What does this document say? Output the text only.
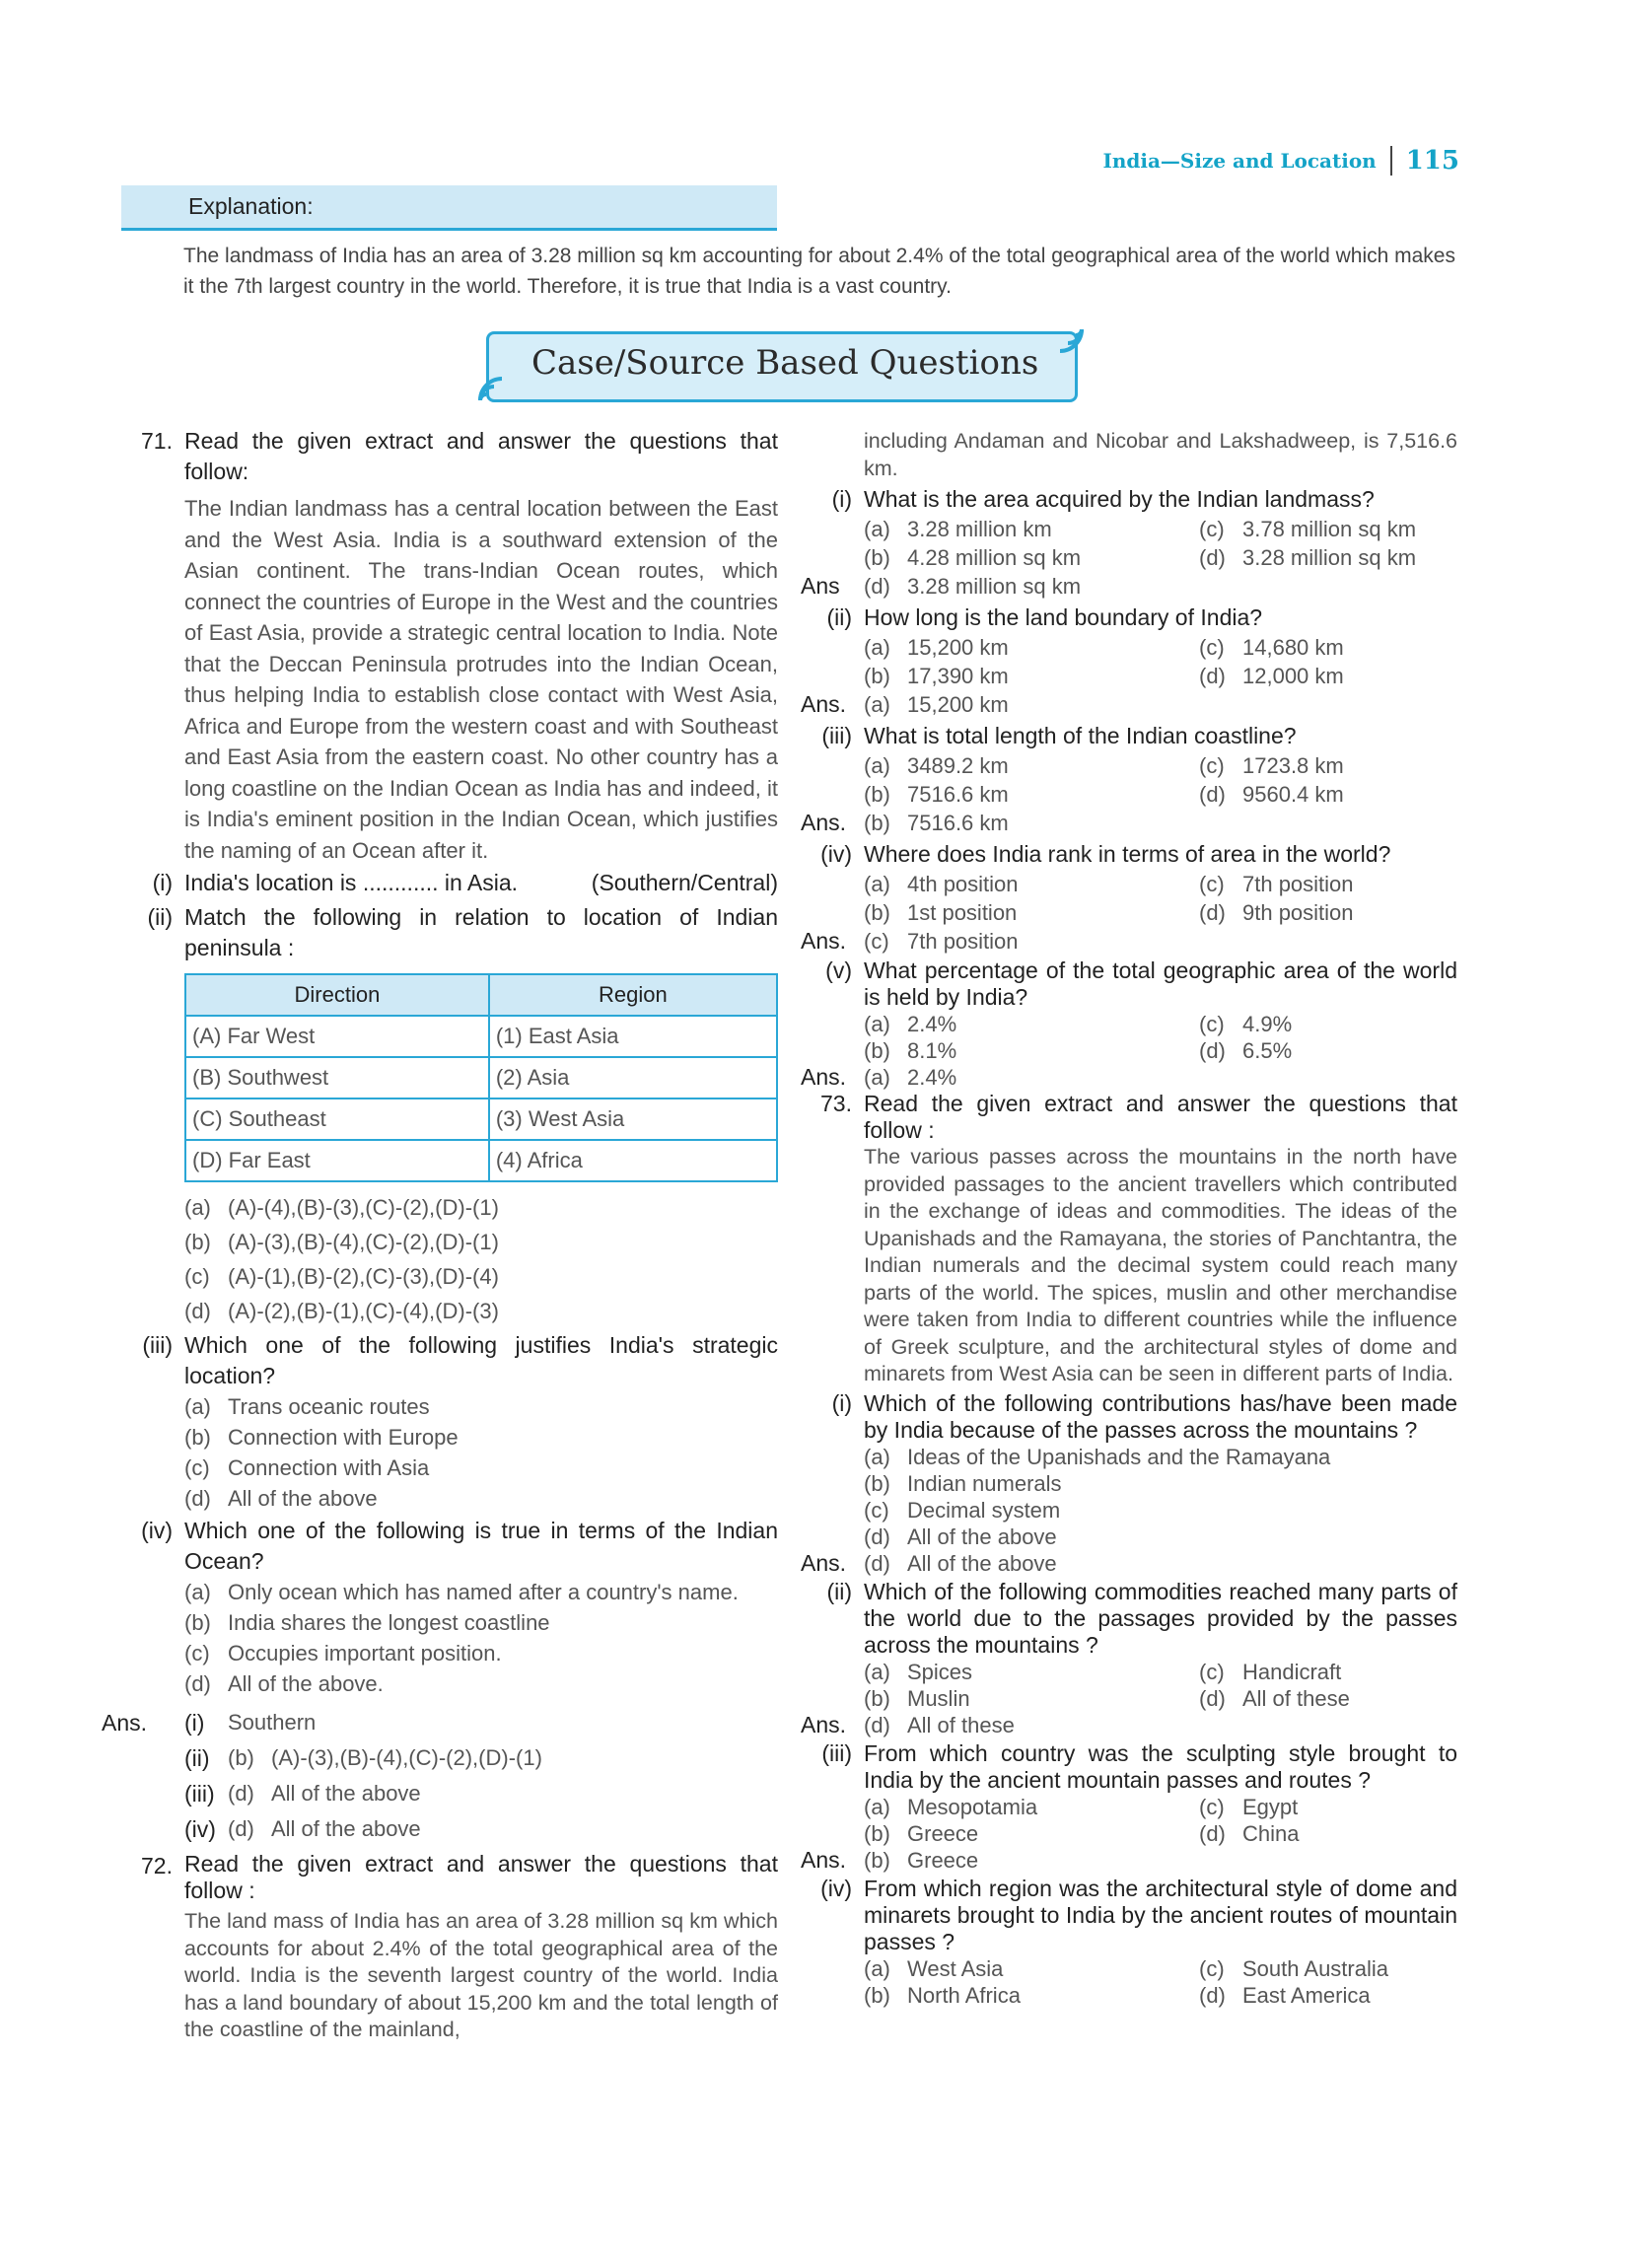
India—Size and Location 115
Explanation:
The landmass of India has an area of 3.28 million sq km accounting for about 2.4% of the total geographical area of the world which makes it the 7th largest country in the world. Therefore, it is true that India is a vast country.
Case/Source Based Questions
71. Read the given extract and answer the questions that follow:
The Indian landmass has a central location between the East and the West Asia. India is a southward extension of the Asian continent. The trans-Indian Ocean routes, which connect the countries of Europe in the West and the countries of East Asia, provide a strategic central location to India. Note that the Deccan Peninsula protrudes into the Indian Ocean, thus helping India to establish close contact with West Asia, Africa and Europe from the western coast and with Southeast and East Asia from the eastern coast. No other country has a long coastline on the Indian Ocean as India has and indeed, it is India's eminent position in the Indian Ocean, which justifies the naming of an Ocean after it.
(i) India's location is ............ in Asia.	(Southern/Central)
(ii) Match the following in relation to location of Indian peninsula :
Direction	Region
(A) Far West	(1) East Asia
(B) Southwest	(2) Asia
(C) Southeast	(3) West Asia
(D) Far East	(4) Africa
(a) (A)-(4),(B)-(3),(C)-(2),(D)-(1)
(b) (A)-(3),(B)-(4),(C)-(2),(D)-(1)
(c) (A)-(1),(B)-(2),(C)-(3),(D)-(4)
(d) (A)-(2),(B)-(1),(C)-(4),(D)-(3)
(iii) Which one of the following justifies India's strategic location?
(a) Trans oceanic routes
(b) Connection with Europe
(c) Connection with Asia
(d) All of the above
(iv) Which one of the following is true in terms of the Indian Ocean?
(a) Only ocean which has named after a country's name.
(b) India shares the longest coastline
(c) Occupies important position.
(d) All of the above.
Ans. (i)	Southern
(ii) (b) (A)-(3),(B)-(4),(C)-(2),(D)-(1)
(iii) (d) All of the above
(iv) (d) All of the above
72. Read the given extract and answer the questions that follow :
The land mass of India has an area of 3.28 million sq km which accounts for about 2.4% of the total geographical area of the world. India is the seventh largest country of the world. India has a land boundary of about 15,200 km and the total length of the coastline of the mainland,
including Andaman and Nicobar and Lakshadweep, is 7,516.6 km.
(i) What is the area acquired by the Indian landmass?
(a) 3.28 million km	(c) 3.78 million sq km
(b) 4.28 million sq km	(d) 3.28 million sq km
Ans (d) 3.28 million sq km
(ii) How long is the land boundary of India?
(a) 15,200 km	(c) 14,680 km
(b) 17,390 km	(d) 12,000 km
Ans. (a) 15,200 km
(iii) What is total length of the Indian coastline?
(a) 3489.2 km	(c) 1723.8 km
(b) 7516.6 km	(d) 9560.4 km
Ans. (b) 7516.6 km
(iv) Where does India rank in terms of area in the world?
(a) 4th position	(c) 7th position
(b) 1st position	(d) 9th position
Ans. (c) 7th position
(v) What percentage of the total geographic area of the world is held by India?
(a) 2.4%	(c) 4.9%
(b) 8.1%	(d) 6.5%
Ans. (a) 2.4%
73. Read the given extract and answer the questions that follow :
The various passes across the mountains in the north have provided passages to the ancient travellers which contributed in the exchange of ideas and commodities. The ideas of the Upanishads and the Ramayana, the stories of Panchtantra, the Indian numerals and the decimal system could reach many parts of the world. The spices, muslin and other merchandise were taken from India to different countries while the influence of Greek sculpture, and the architectural styles of dome and minarets from West Asia can be seen in different parts of India.
(i) Which of the following contributions has/have been made by India because of the passes across the mountains ?
(a) Ideas of the Upanishads and the Ramayana
(b) Indian numerals
(c) Decimal system
(d) All of the above
Ans. (d) All of the above
(ii) Which of the following commodities reached many parts of the world due to the passages provided by the passes across the mountains ?
(a) Spices	(c) Handicraft
(b) Muslin	(d) All of these
Ans. (d) All of these
(iii) From which country was the sculpting style brought to India by the ancient mountain passes and routes ?
(a) Mesopotamia	(c) Egypt
(b) Greece	(d) China
Ans. (b) Greece
(iv) From which region was the architectural style of dome and minarets brought to India by the ancient routes of mountain passes ?
(a) West Asia	(c) South Australia
(b) North Africa	(d) East America
